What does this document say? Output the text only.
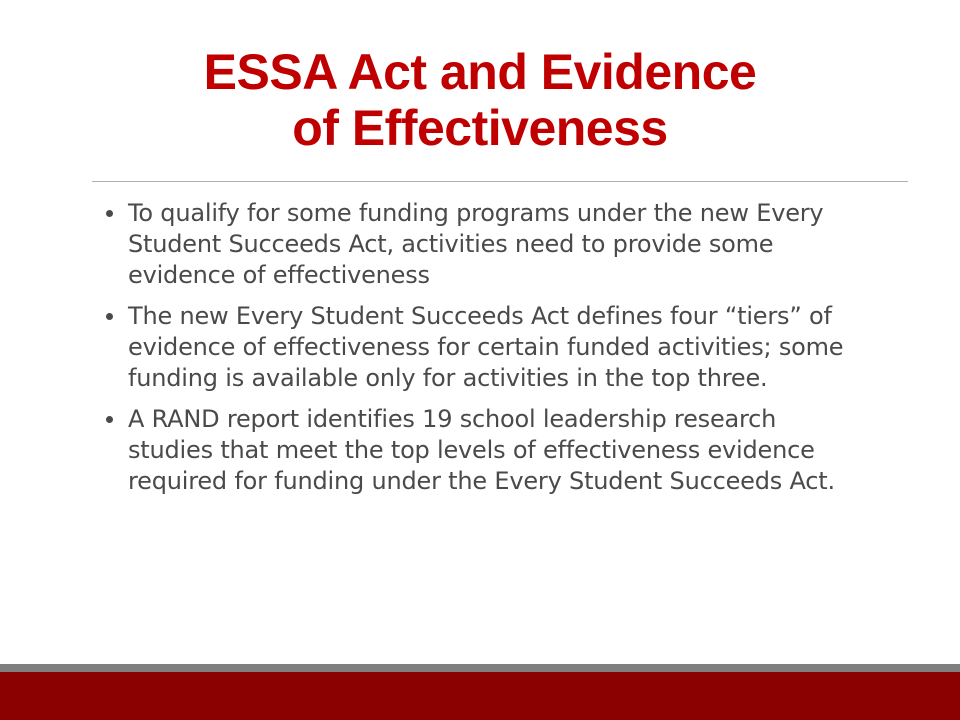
ESSA Act and Evidence
of Effectiveness
To qualify for some funding programs under the new Every Student Succeeds Act, activities need to provide some evidence of effectiveness
The new Every Student Succeeds Act defines four “tiers” of evidence of effectiveness for certain funded activities; some funding is available only for activities in the top three.
A RAND report identifies 19 school leadership research studies that meet the top levels of effectiveness evidence required for funding under the Every Student Succeeds Act.
